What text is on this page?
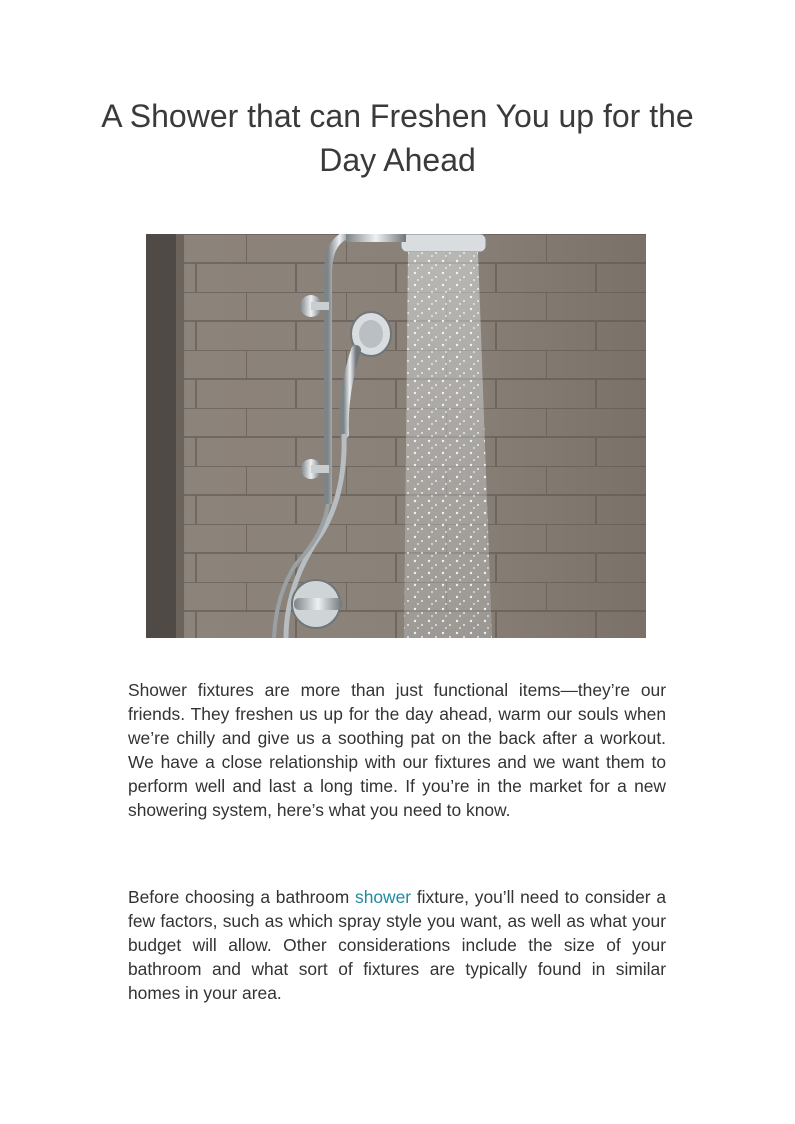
A Shower that can Freshen You up for the Day Ahead

Shower fixtures are more than just functional items—they’re our friends. They freshen us up for the day ahead, warm our souls when we’re chilly and give us a soothing pat on the back after a workout. We have a close relationship with our fixtures and we want them to perform well and last a long time. If you’re in the market for a new showering system, here’s what you need to know.

Before choosing a bathroom shower fixture, you’ll need to consider a few factors, such as which spray style you want, as well as what your budget will allow. Other considerations include the size of your bathroom and what sort of fixtures are typically found in similar homes in your area.
